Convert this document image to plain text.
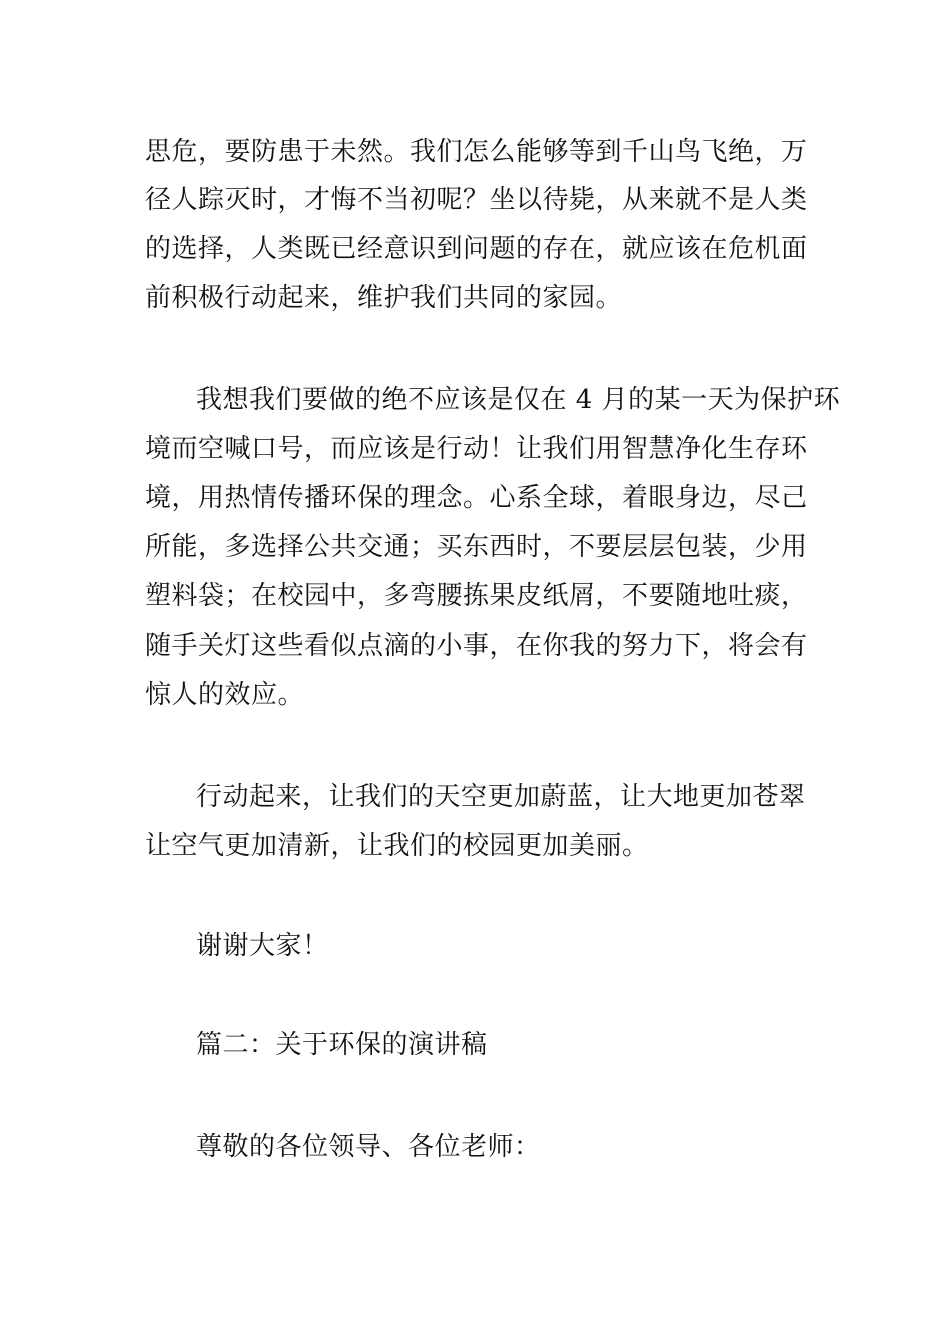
思危，要防患于未然。我们怎么能够等到千山鸟飞绝，万
径人踪灭时，才悔不当初呢？坐以待毙，从来就不是人类
的选择，人类既已经意识到问题的存在，就应该在危机面
前积极行动起来，维护我们共同的家园。
我想我们要做的绝不应该是仅在 4 月的某一天为保护环
境而空喊口号，而应该是行动！让我们用智慧净化生存环
境，用热情传播环保的理念。心系全球，着眼身边，尽己
所能，多选择公共交通；买东西时，不要层层包装，少用
塑料袋；在校园中，多弯腰拣果皮纸屑，不要随地吐痰，
随手关灯这些看似点滴的小事，在你我的努力下，将会有
惊人的效应。
行动起来，让我们的天空更加蔚蓝，让大地更加苍翠
让空气更加清新，让我们的校园更加美丽。
谢谢大家！
篇二：关于环保的演讲稿
尊敬的各位领导、各位老师：
